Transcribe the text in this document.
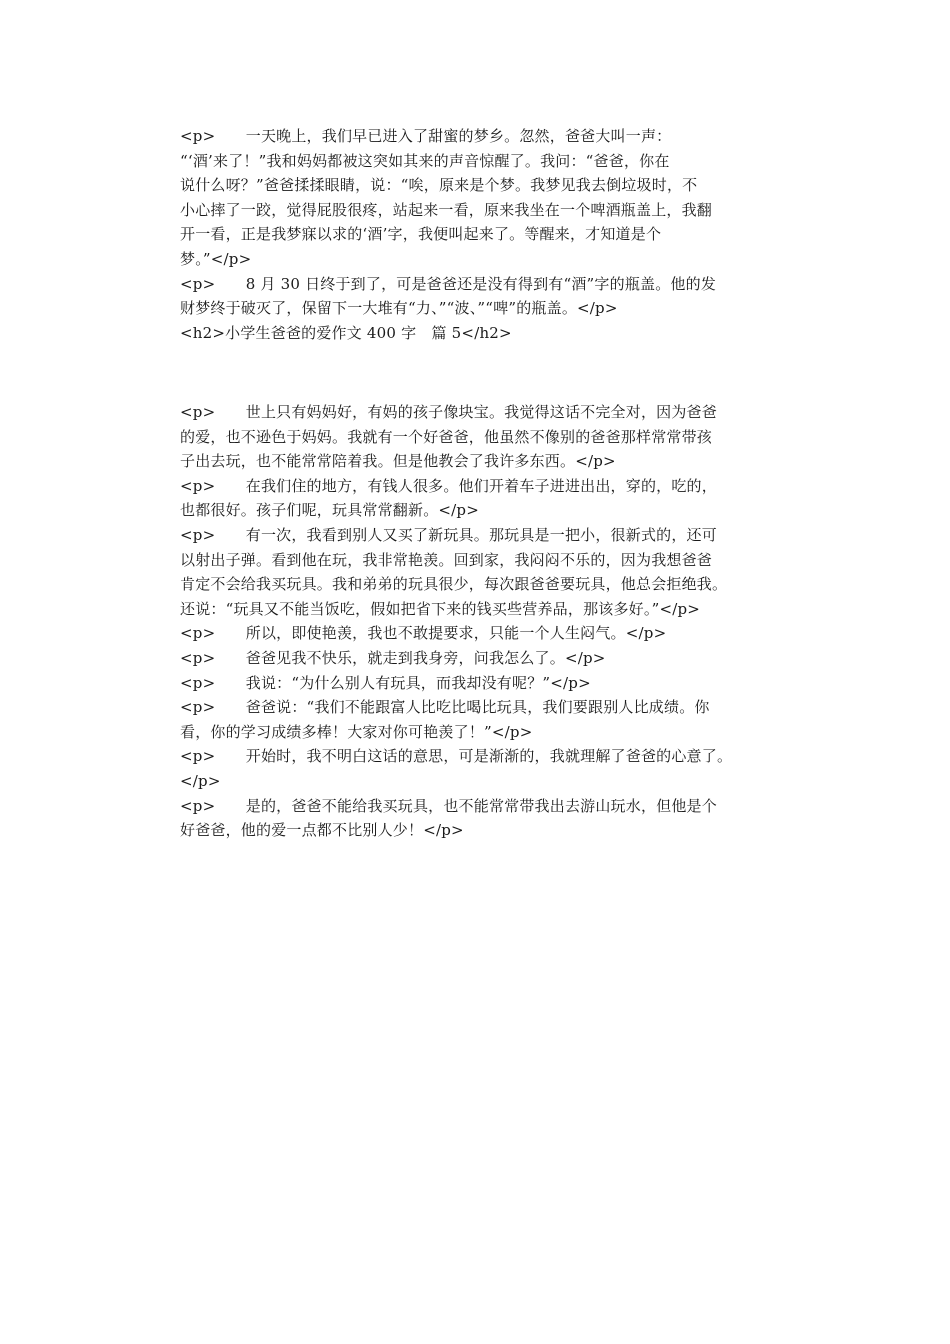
<p>　　一天晚上，我们早已进入了甜蜜的梦乡。忽然，爸爸大叫一声：
“‘酒’来了！”我和妈妈都被这突如其来的声音惊醒了。我问：“爸爸，你在
说什么呀？”爸爸揉揉眼睛，说：“唉，原来是个梦。我梦见我去倒垃圾时，不
小心摔了一跤，觉得屁股很疼，站起来一看，原来我坐在一个啤酒瓶盖上，我翻
开一看，正是我梦寐以求的‘酒’字，我便叫起来了。等醒来，才知道是个
梦。”</p>
<p>　　8 月 30 日终于到了，可是爸爸还是没有得到有“酒”字的瓶盖。他的发
财梦终于破灭了，保留下一大堆有“力、”“波、”“啤”的瓶盖。</p>
<h2>小学生爸爸的爱作文 400 字　篇 5</h2>
<p>　　世上只有妈妈好，有妈的孩子像块宝。我觉得这话不完全对，因为爸爸
的爱，也不逊色于妈妈。我就有一个好爸爸，他虽然不像别的爸爸那样常常带孩
子出去玩，也不能常常陪着我。但是他教会了我许多东西。</p>
<p>　　在我们住的地方，有钱人很多。他们开着车子进进出出，穿的，吃的，
也都很好。孩子们呢，玩具常常翻新。</p>
<p>　　有一次，我看到别人又买了新玩具。那玩具是一把小，很新式的，还可
以射出子弹。看到他在玩，我非常艳羡。回到家，我闷闷不乐的，因为我想爸爸
肯定不会给我买玩具。我和弟弟的玩具很少，每次跟爸爸要玩具，他总会拒绝我。
还说：“玩具又不能当饭吃，假如把省下来的钱买些营养品，那该多好。”</p>
<p>　　所以，即使艳羡，我也不敢提要求，只能一个人生闷气。</p>
<p>　　爸爸见我不快乐，就走到我身旁，问我怎么了。</p>
<p>　　我说：“为什么别人有玩具，而我却没有呢？”</p>
<p>　　爸爸说：“我们不能跟富人比吃比喝比玩具，我们要跟别人比成绩。你
看，你的学习成绩多棒！大家对你可艳羡了！”</p>
<p>　　开始时，我不明白这话的意思，可是渐渐的，我就理解了爸爸的心意了。
</p>
<p>　　是的，爸爸不能给我买玩具，也不能常常带我出去游山玩水，但他是个
好爸爸，他的爱一点都不比别人少！</p>
